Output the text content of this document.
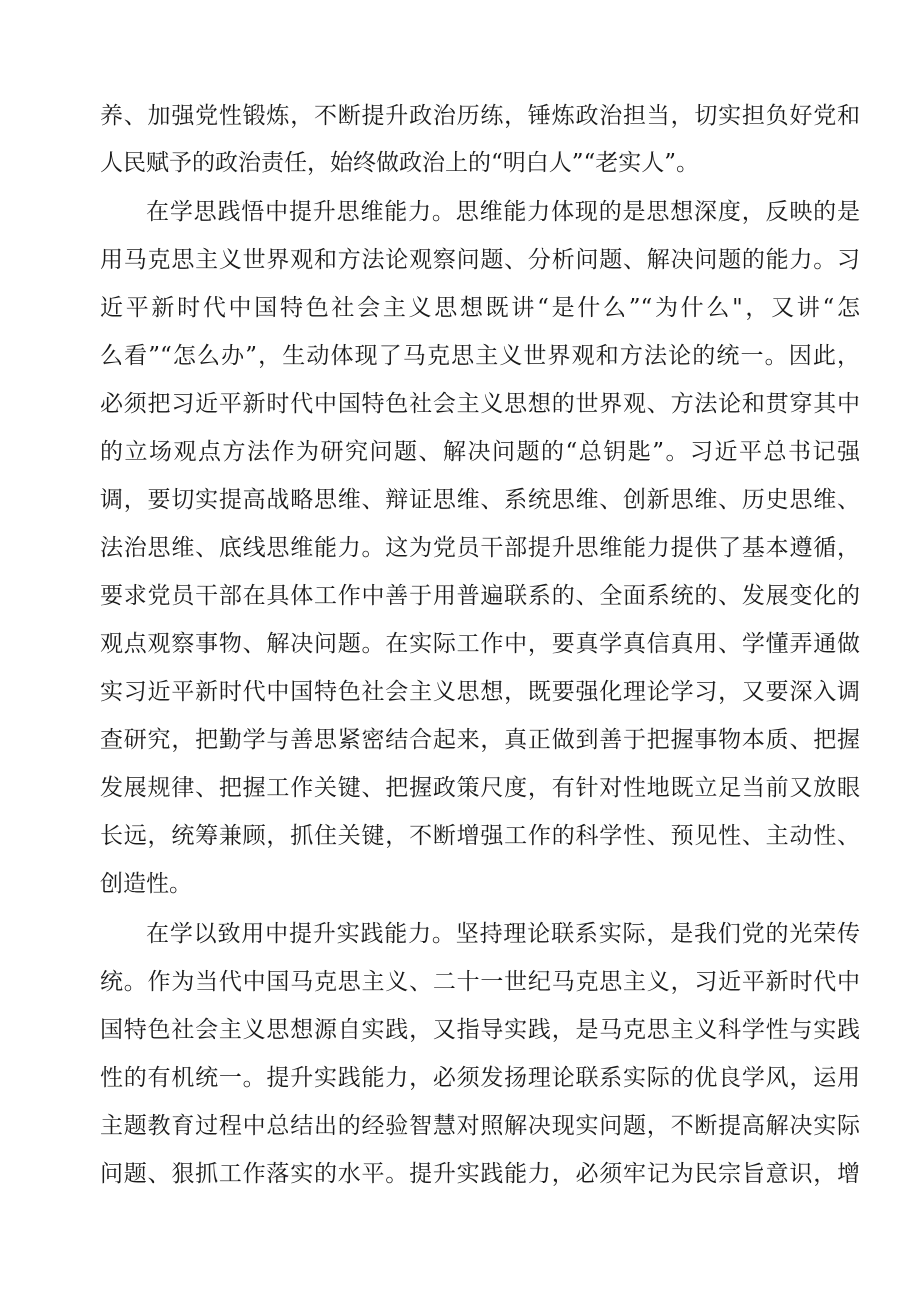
养、加强党性锻炼，不断提升政治历练，锤炼政治担当，切实担负好党和

人民赋予的政治责任，始终做政治上的“明白人”“老实人”。

在学思践悟中提升思维能力。思维能力体现的是思想深度，反映的是

用马克思主义世界观和方法论观察问题、分析问题、解决问题的能力。习

近平新时代中国特色社会主义思想既讲“是什么”“为什么"，又讲“怎

么看”“怎么办”，生动体现了马克思主义世界观和方法论的统一。因此，

必须把习近平新时代中国特色社会主义思想的世界观、方法论和贯穿其中

的立场观点方法作为研究问题、解决问题的“总钥匙”。习近平总书记强

调，要切实提高战略思维、辩证思维、系统思维、创新思维、历史思维、

法治思维、底线思维能力。这为党员干部提升思维能力提供了基本遵循，

要求党员干部在具体工作中善于用普遍联系的、全面系统的、发展变化的

观点观察事物、解决问题。在实际工作中，要真学真信真用、学懂弄通做

实习近平新时代中国特色社会主义思想，既要强化理论学习，又要深入调

查研究，把勤学与善思紧密结合起来，真正做到善于把握事物本质、把握

发展规律、把握工作关键、把握政策尺度，有针对性地既立足当前又放眼

长远，统筹兼顾，抓住关键，不断增强工作的科学性、预见性、主动性、

创造性。

在学以致用中提升实践能力。坚持理论联系实际，是我们党的光荣传

统。作为当代中国马克思主义、二十一世纪马克思主义，习近平新时代中

国特色社会主义思想源自实践，又指导实践，是马克思主义科学性与实践

性的有机统一。提升实践能力，必须发扬理论联系实际的优良学风，运用

主题教育过程中总结出的经验智慧对照解决现实问题，不断提高解决实际

问题、狠抓工作落实的水平。提升实践能力，必须牢记为民宗旨意识，增
